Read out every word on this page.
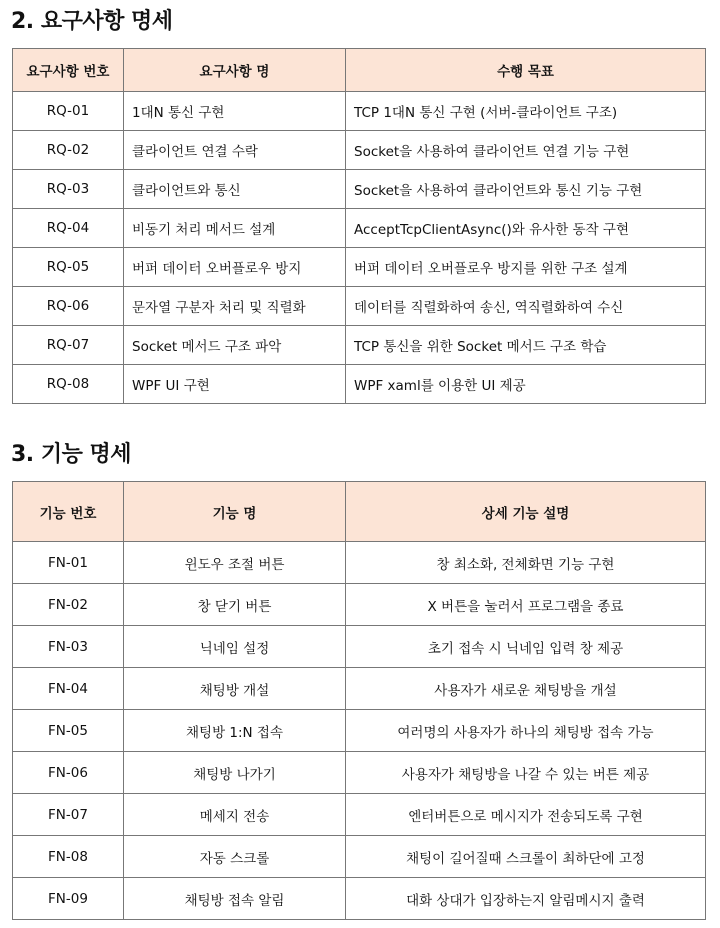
2. 요구사항 명세
요구사항 번호	요구사항 명	수행 목표
RQ-01	1대N 통신 구현	TCP 1대N 통신 구현 (서버-클라이언트 구조)
RQ-02	클라이언트 연결 수락	Socket을 사용하여 클라이언트 연결 기능 구현
RQ-03	클라이언트와 통신	Socket을 사용하여 클라이언트와 통신 기능 구현
RQ-04	비동기 처리 메서드 설계	AcceptTcpClientAsync()와 유사한 동작 구현
RQ-05	버퍼 데이터 오버플로우 방지	버퍼 데이터 오버플로우 방지를 위한 구조 설계
RQ-06	문자열 구분자 처리 및 직렬화	데이터를 직렬화하여 송신, 역직렬화하여 수신
RQ-07	Socket 메서드 구조 파악	TCP 통신을 위한 Socket 메서드 구조 학습
RQ-08	WPF UI 구현	WPF xaml를 이용한 UI 제공
3. 기능 명세
기능 번호	기능 명	상세 기능 설명
FN-01	윈도우 조절 버튼	창 최소화, 전체화면 기능 구현
FN-02	창 닫기 버튼	X 버튼을 눌러서 프로그램을 종료
FN-03	닉네임 설정	초기 접속 시 닉네임 입력 창 제공
FN-04	채팅방 개설	사용자가 새로운 채팅방을 개설
FN-05	채팅방 1:N 접속	여러명의 사용자가 하나의 채팅방 접속 가능
FN-06	채팅방 나가기	사용자가 채팅방을 나갈 수 있는 버튼 제공
FN-07	메세지 전송	엔터버튼으로 메시지가 전송되도록 구현
FN-08	자동 스크롤	채팅이 길어질때 스크롤이 최하단에 고정
FN-09	채팅방 접속 알림	대화 상대가 입장하는지 알림메시지 출력
